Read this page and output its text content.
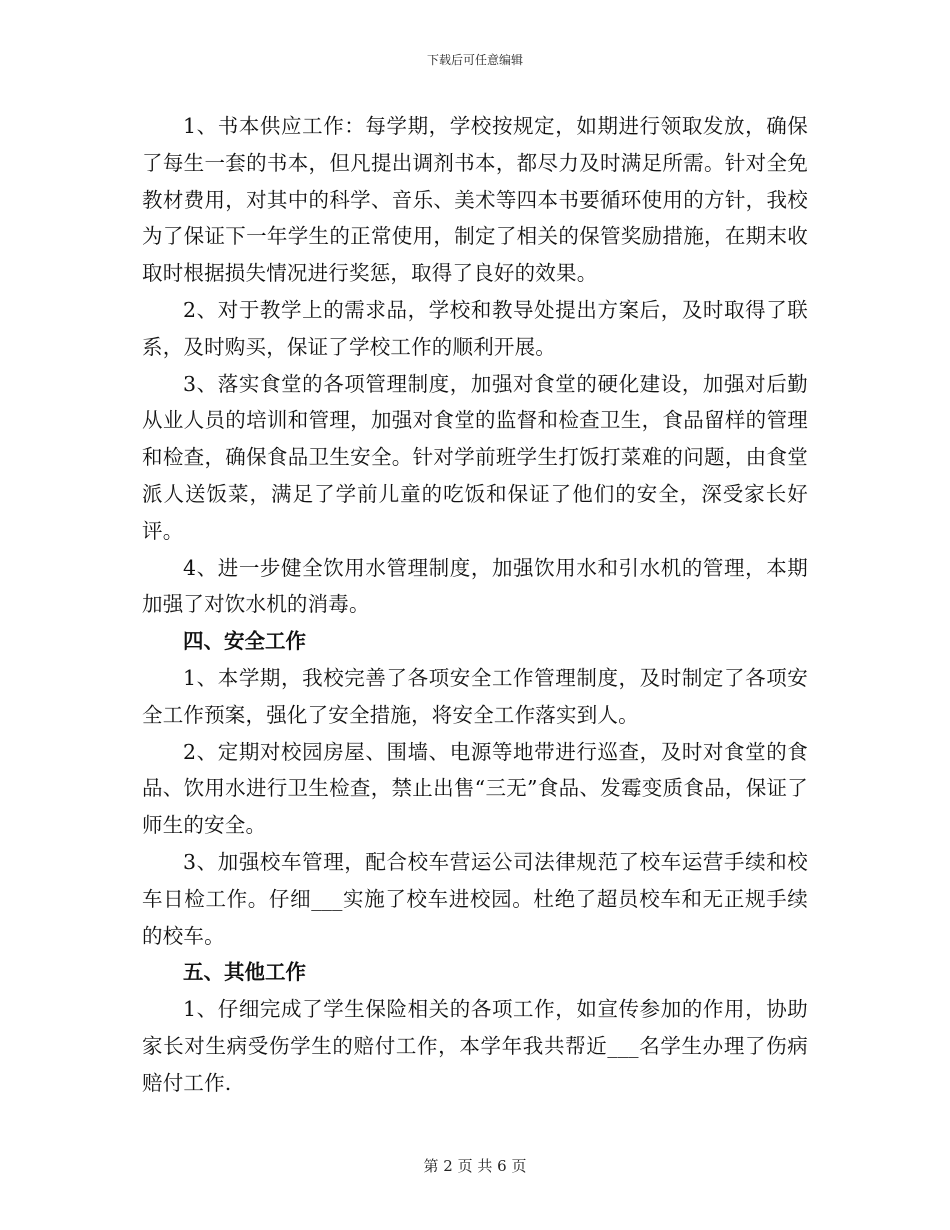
下载后可任意编辑

1、书本供应工作：每学期，学校按规定，如期进行领取发放，确保了每生一套的书本，但凡提出调剂书本，都尽力及时满足所需。针对全免教材费用，对其中的科学、音乐、美术等四本书要循环使用的方针，我校为了保证下一年学生的正常使用，制定了相关的保管奖励措施，在期末收取时根据损失情况进行奖惩，取得了良好的效果。

2、对于教学上的需求品，学校和教导处提出方案后，及时取得了联系，及时购买，保证了学校工作的顺利开展。

3、落实食堂的各项管理制度，加强对食堂的硬化建设，加强对后勤从业人员的培训和管理，加强对食堂的监督和检查卫生，食品留样的管理和检查，确保食品卫生安全。针对学前班学生打饭打菜难的问题，由食堂派人送饭菜，满足了学前儿童的吃饭和保证了他们的安全，深受家长好评。

4、进一步健全饮用水管理制度，加强饮用水和引水机的管理，本期加强了对饮水机的消毒。

四、安全工作

1、本学期，我校完善了各项安全工作管理制度，及时制定了各项安全工作预案，强化了安全措施，将安全工作落实到人。

2、定期对校园房屋、围墙、电源等地带进行巡查，及时对食堂的食品、饮用水进行卫生检查，禁止出售“三无”食品、发霉变质食品，保证了师生的安全。

3、加强校车管理，配合校车营运公司法律规范了校车运营手续和校车日检工作。仔细___实施了校车进校园。杜绝了超员校车和无正规手续的校车。

五、其他工作

1、仔细完成了学生保险相关的各项工作，如宣传参加的作用，协助家长对生病受伤学生的赔付工作，本学年我共帮近___名学生办理了伤病赔付工作.

第 2 页 共 6 页
